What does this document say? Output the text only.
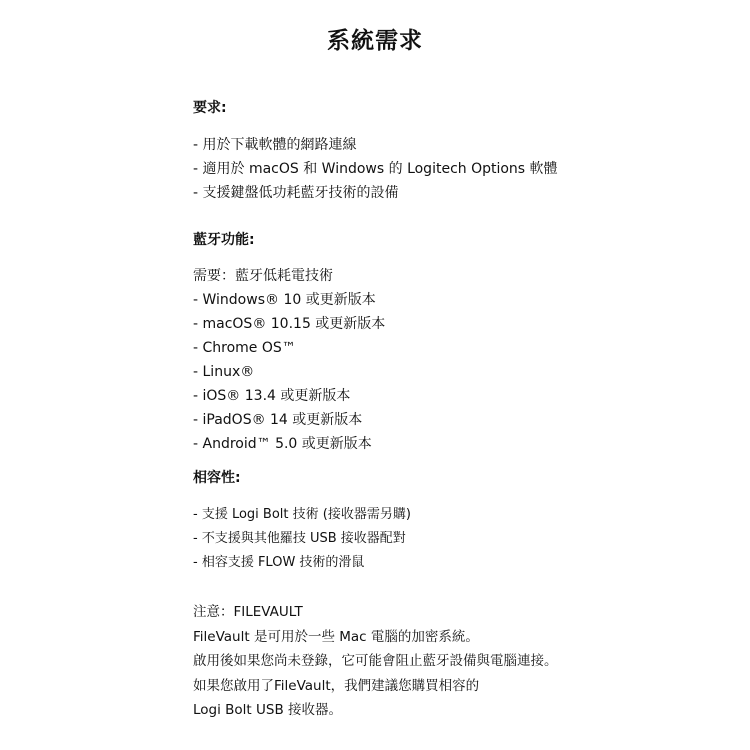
系統需求

要求:

- 用於下載軟體的網路連線
- 適用於 macOS 和 Windows 的 Logitech Options 軟體
- 支援鍵盤低功耗藍牙技術的設備

藍牙功能:

需要：藍牙低耗電技術

- Windows® 10 或更新版本
- macOS® 10.15 或更新版本
- Chrome OS™
- Linux®
- iOS® 13.4 或更新版本
- iPadOS® 14 或更新版本
- Android™ 5.0 或更新版本

相容性:

- 支援 Logi Bolt 技術 (接收器需另購)
- 不支援與其他羅技 USB 接收器配對
- 相容支援 FLOW 技術的滑鼠

注意：FILEVAULT

FileVault 是可用於一些 Mac 電腦的加密系統。

啟用後如果您尚未登錄，它可能會阻止藍牙設備與電腦連接。

如果您啟用了FileVault，我們建議您購買相容的

Logi Bolt USB 接收器。
